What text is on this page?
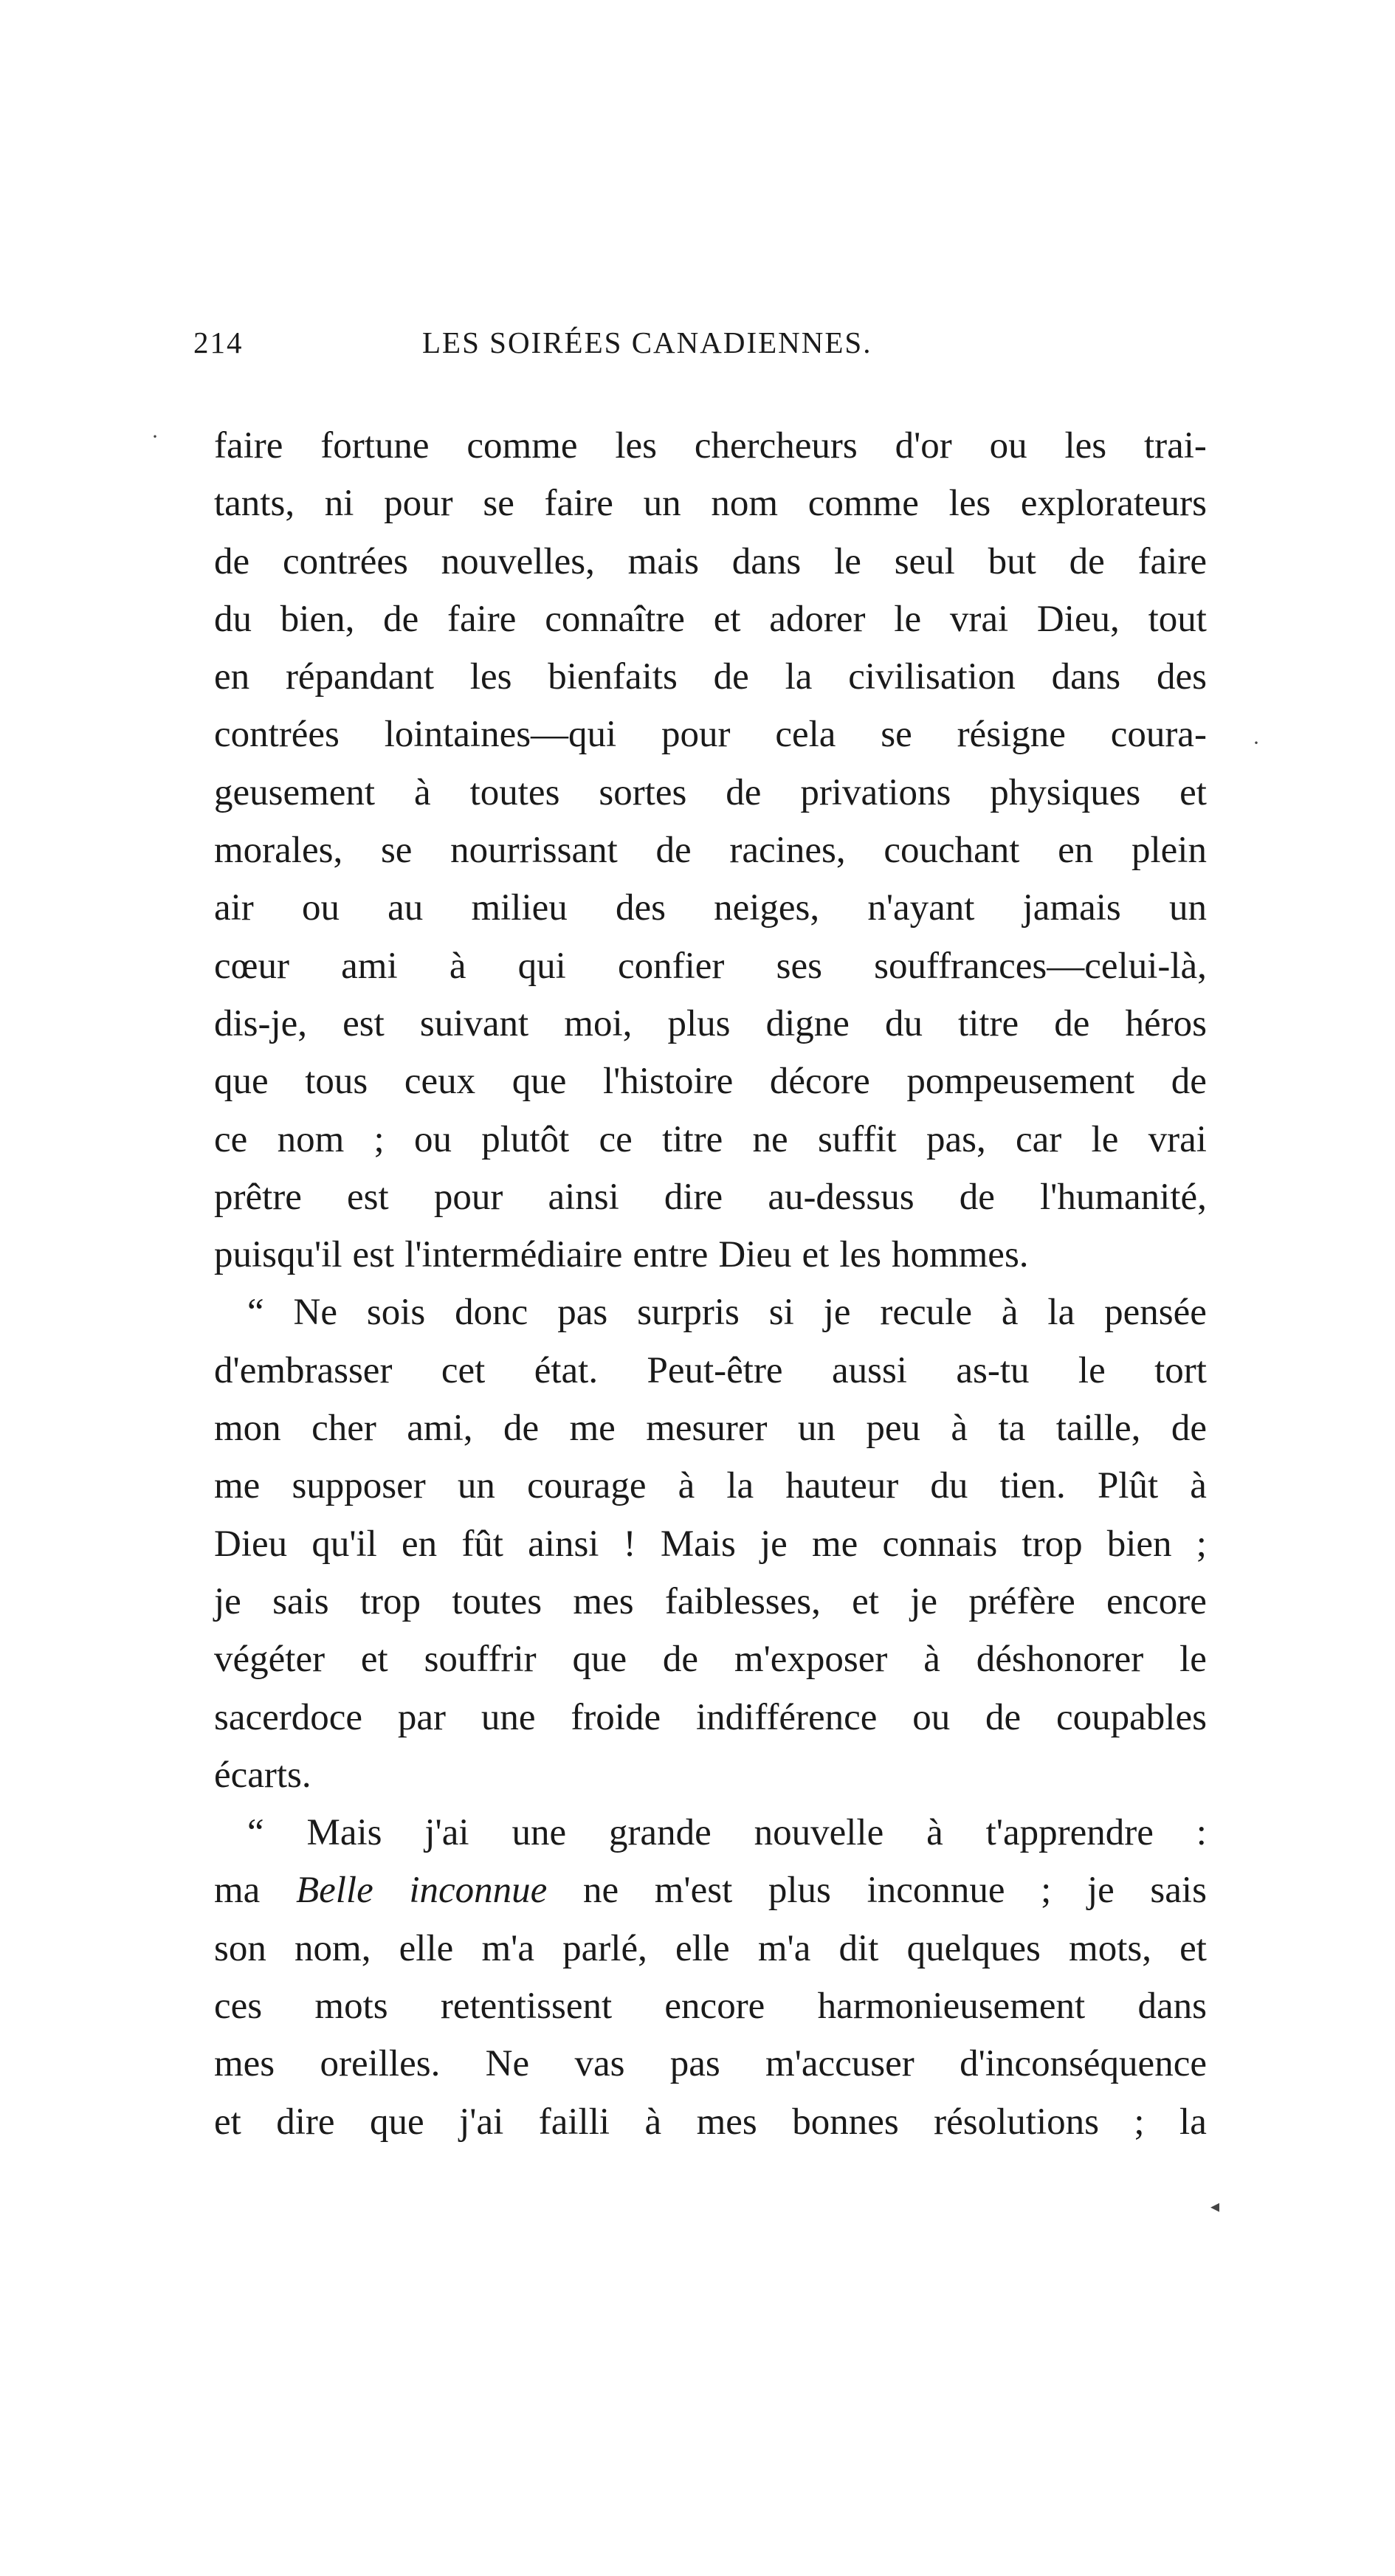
214	LES SOIRÉES CANADIENNES.
faire fortune comme les chercheurs d'or ou les trai-
tants, ni pour se faire un nom comme les explorateurs
de contrées nouvelles, mais dans le seul but de faire
du bien, de faire connaître et adorer le vrai Dieu, tout
en répandant les bienfaits de la civilisation dans des
contrées lointaines—qui pour cela se résigne coura-
geusement à toutes sortes de privations physiques et
morales, se nourrissant de racines, couchant en plein
air ou au milieu des neiges, n'ayant jamais un
cœur ami à qui confier ses souffrances—celui-là,
dis-je, est suivant moi, plus digne du titre de héros
que tous ceux que l'histoire décore pompeusement de
ce nom ; ou plutôt ce titre ne suffit pas, car le vrai
prêtre est pour ainsi dire au-dessus de l'humanité,
puisqu'il est l'intermédiaire entre Dieu et les hommes.
“ Ne sois donc pas surpris si je recule à la pensée
d'embrasser cet état. Peut-être aussi as-tu le tort
mon cher ami, de me mesurer un peu à ta taille, de
me supposer un courage à la hauteur du tien. Plût à
Dieu qu'il en fût ainsi ! Mais je me connais trop bien ;
je sais trop toutes mes faiblesses, et je préfère encore
végéter et souffrir que de m'exposer à déshonorer le
sacerdoce par une froide indifférence ou de coupables
écarts.
“ Mais j'ai une grande nouvelle à t'apprendre :
ma Belle inconnue ne m'est plus inconnue ; je sais
son nom, elle m'a parlé, elle m'a dit quelques mots, et
ces mots retentissent encore harmonieusement dans
mes oreilles. Ne vas pas m'accuser d'inconséquence
et dire que j'ai failli à mes bonnes résolutions ; la
·
·
◂
